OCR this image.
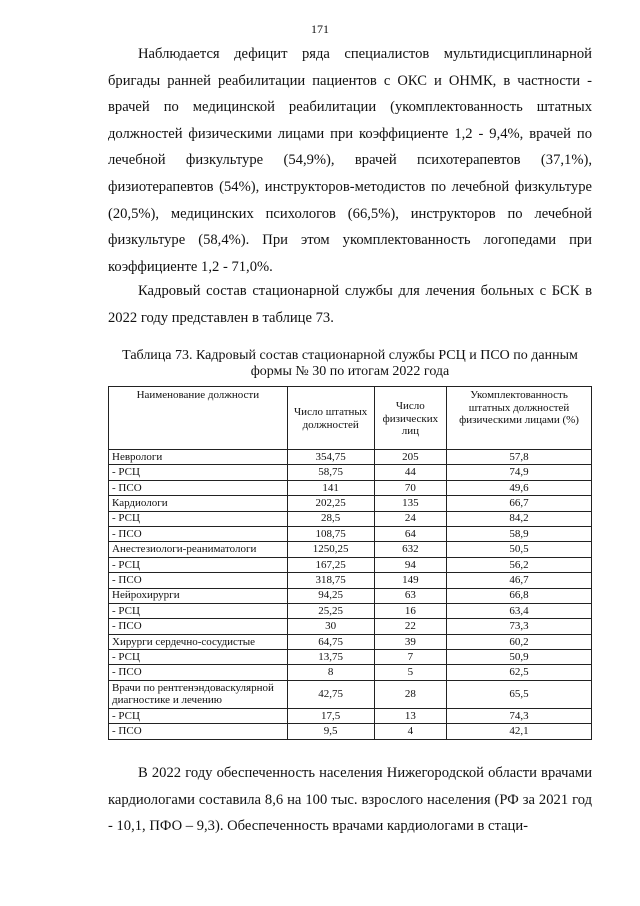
171

Наблюдается дефицит ряда специалистов мультидисциплинарной бригады ранней реабилитации пациентов с ОКС и ОНМК, в частности - врачей по медицинской реабилитации (укомплектованность штатных должностей физическими лицами при коэффициенте 1,2 - 9,4%, врачей по лечебной физкультуре (54,9%), врачей психотерапевтов (37,1%), физиотерапевтов (54%), инструкторов-методистов по лечебной физкультуре (20,5%), медицинских психологов (66,5%), инструкторов по лечебной физкультуре (58,4%). При этом укомплектованность логопедами при коэффициенте 1,2 - 71,0%.

Кадровый состав стационарной службы для лечения больных с БСК в 2022 году представлен в таблице 73.

Таблица 73. Кадровый состав стационарной службы РСЦ и ПСО по данным формы № 30 по итогам 2022 года
Наименование должности	Число штатных должностей	Число физических лиц	Укомплектованность штатных должностей физическими лицами (%)
Неврологи	354,75	205	57,8
- РСЦ	58,75	44	74,9
- ПСО	141	70	49,6
Кардиологи	202,25	135	66,7
- РСЦ	28,5	24	84,2
- ПСО	108,75	64	58,9
Анестезиологи-реаниматологи	1250,25	632	50,5
- РСЦ	167,25	94	56,2
- ПСО	318,75	149	46,7
Нейрохирурги	94,25	63	66,8
- РСЦ	25,25	16	63,4
- ПСО	30	22	73,3
Хирурги сердечно-сосудистые	64,75	39	60,2
- РСЦ	13,75	7	50,9
- ПСО	8	5	62,5
Врачи по рентгенэндоваскулярной диагностике и лечению	42,75	28	65,5
- РСЦ	17,5	13	74,3
- ПСО	9,5	4	42,1

В 2022 году обеспеченность населения Нижегородской области врачами кардиологами составила 8,6 на 100 тыс. взрослого населения (РФ за 2021 год - 10,1, ПФО – 9,3). Обеспеченность врачами кардиологами в стаци-
